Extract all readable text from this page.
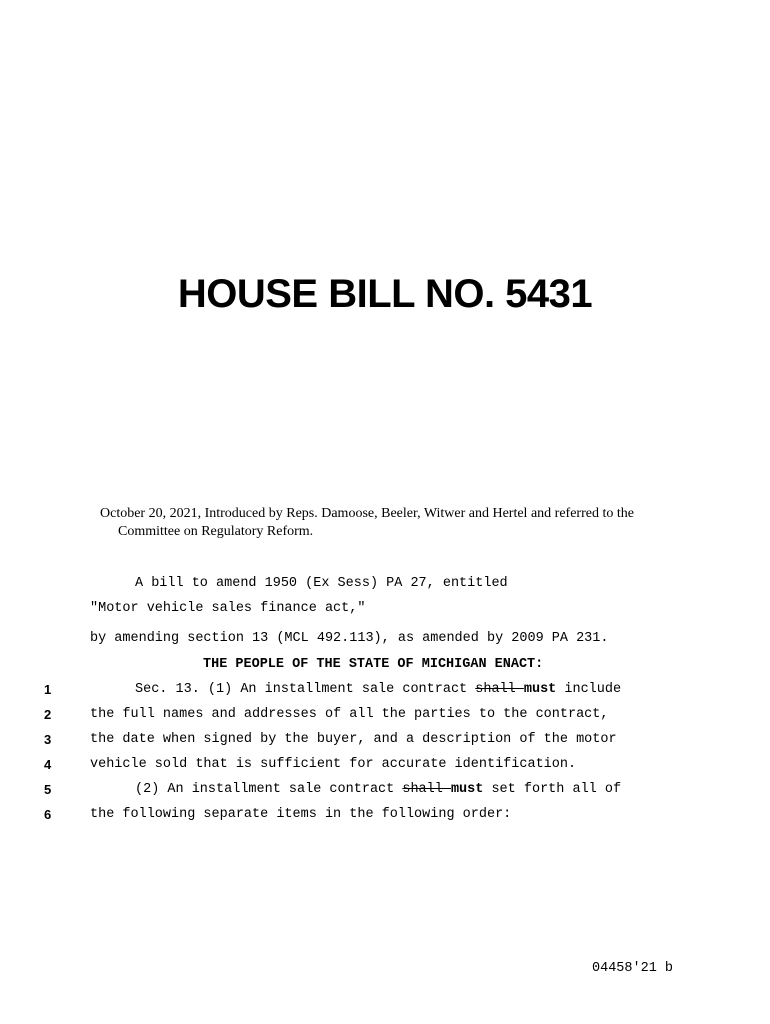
HOUSE BILL NO. 5431
October 20, 2021, Introduced by Reps. Damoose, Beeler, Witwer and Hertel and referred to the
Committee on Regulatory Reform.
A bill to amend 1950 (Ex Sess) PA 27, entitled
"Motor vehicle sales finance act,"
by amending section 13 (MCL 492.113), as amended by 2009 PA 231.
THE PEOPLE OF THE STATE OF MICHIGAN ENACT:
1	Sec. 13. (1) An installment sale contract shall must include
2	the full names and addresses of all the parties to the contract,
3	the date when signed by the buyer, and a description of the motor
4	vehicle sold that is sufficient for accurate identification.
5	(2) An installment sale contract shall must set forth all of
6	the following separate items in the following order:
04458'21 b
